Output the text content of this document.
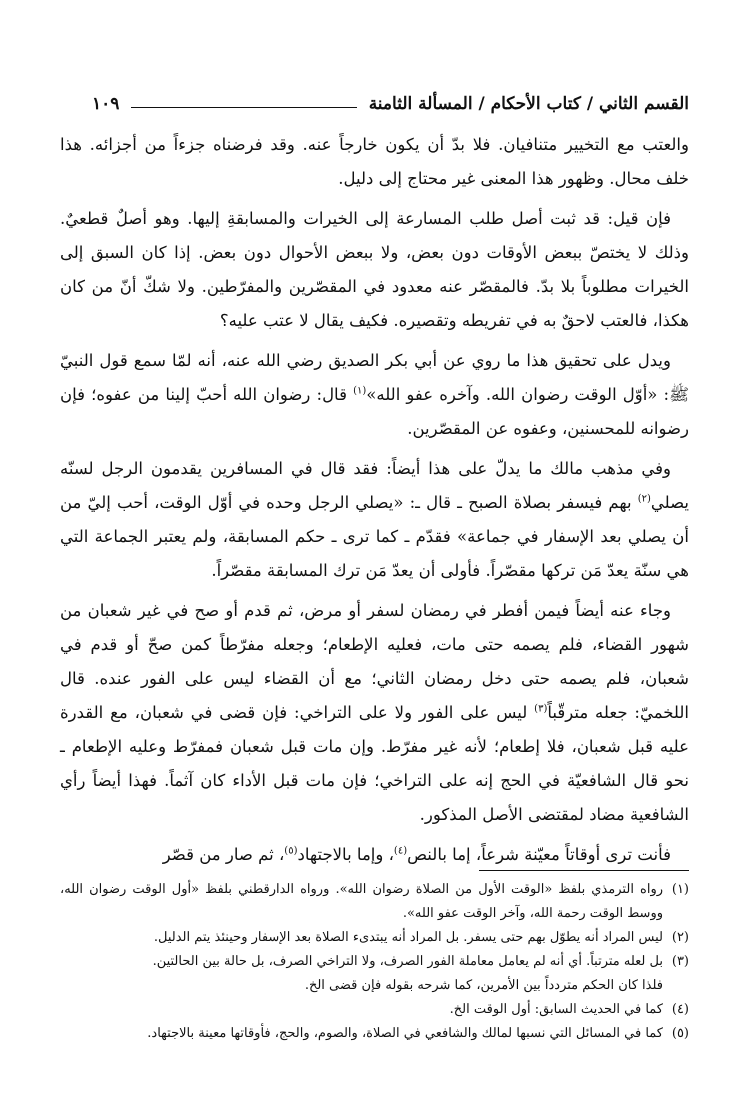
القسم الثاني / كتاب الأحكام / المسألة الثامنة
١٠٩

والعتب مع التخيير متنافيان. فلا بدّ أن يكون خارجاً عنه. وقد فرضناه جزءاً من أجزائه. هذا خلف محال. وظهور هذا المعنى غير محتاج إلى دليل.

فإن قيل: قد ثبت أصل طلب المسارعة إلى الخيرات والمسابقةِ إليها. وهو أصلٌ قطعيٌ. وذلك لا يختصّ ببعض الأوقات دون بعض، ولا ببعض الأحوال دون بعض. إذا كان السبق إلى الخيرات مطلوباً بلا بدّ. فالمقصّر عنه معدود في المقصّرين والمفرّطين. ولا شكّ أنّ من كان هكذا، فالعتب لاحقٌ به في تفريطه وتقصيره. فكيف يقال لا عتب عليه؟

ويدل على تحقيق هذا ما روي عن أبي بكر الصديق رضي الله عنه، أنه لمّا سمع قول النبيّ ﷺ: «أوّل الوقت رضوان الله. وآخره عفو الله»$^{(١)}$ قال: رضوان الله أحبّ إلينا من عفوه؛ فإن رضوانه للمحسنين، وعفوه عن المقصّرين.

وفي مذهب مالك ما يدلّ على هذا أيضاً: فقد قال في المسافرين يقدمون الرجل لسنّه يصلي$^{(٢)}$ بهم فيسفر بصلاة الصبح ـ قال ـ: «يصلي الرجل وحده في أوّل الوقت، أحب إليّ من أن يصلي بعد الإسفار في جماعة» فقدّم ـ كما ترى ـ حكم المسابقة، ولم يعتبر الجماعة التي هي سنّة يعدّ مَن تركها مقصّراً. فأولى أن يعدّ مَن ترك المسابقة مقصّراً.

وجاء عنه أيضاً فيمن أفطر في رمضان لسفر أو مرض، ثم قدم أو صح في غير شعبان من شهور القضاء، فلم يصمه حتى مات، فعليه الإطعام؛ وجعله مفرّطاً كمن صحّ أو قدم في شعبان، فلم يصمه حتى دخل رمضان الثاني؛ مع أن القضاء ليس على الفور عنده. قال اللخميّ: جعله مترقّباً$^{(٣)}$ ليس على الفور ولا على التراخي: فإن قضى في شعبان، مع القدرة عليه قبل شعبان، فلا إطعام؛ لأنه غير مفرّط. وإن مات قبل شعبان فمفرّط وعليه الإطعام ـ نحو قال الشافعيّة في الحج إنه على التراخي؛ فإن مات قبل الأداء كان آثماً. فهذا أيضاً رأي الشافعية مضاد لمقتضى الأصل المذكور.

فأنت ترى أوقاتاً معيّنة شرعاً، إما بالنص$^{(٤)}$، وإما بالاجتهاد$^{(٥)}$، ثم صار من قصّر

(١)
رواه الترمذي بلفظ «الوقت الأول من الصلاة رضوان الله». ورواه الدارقطني بلفظ «أول الوقت رضوان الله، ووسط الوقت رحمة الله، وآخر الوقت عفو الله».
(٢)
ليس المراد أنه يطوّل بهم حتى يسفر. بل المراد أنه يبتدىء الصلاة بعد الإسفار وحينئذ يتم الدليل.
(٣)
بل لعله مترتباً. أي أنه لم يعامل معاملة الفور الصرف، ولا التراخي الصرف، بل حالة بين الحالتين.

فلذا كان الحكم متردداً بين الأمرين، كما شرحه بقوله فإن قضى الخ.

(٤)
كما في الحديث السابق: أول الوقت الخ.
(٥)
كما في المسائل التي نسبها لمالك والشافعي في الصلاة، والصوم، والحج، فأوقاتها معينة بالاجتهاد.
